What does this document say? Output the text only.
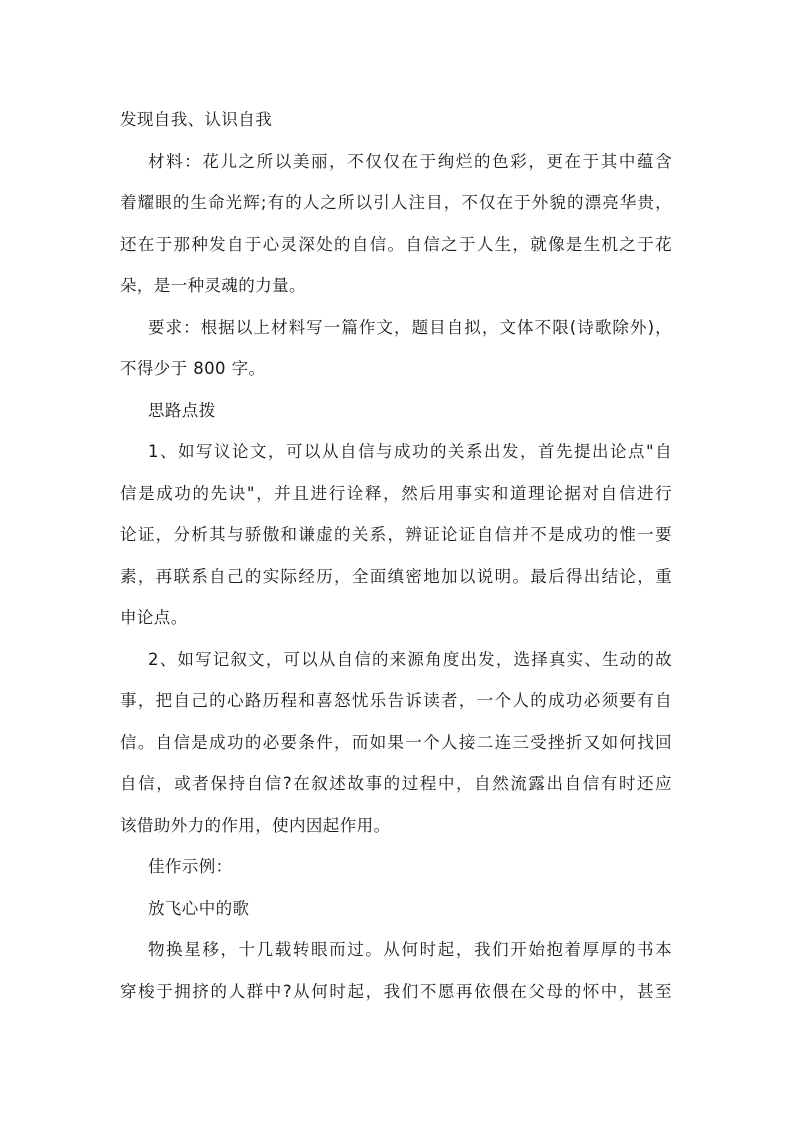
发现自我、认识自我
材料：花儿之所以美丽，不仅仅在于绚烂的色彩，更在于其中蕴含
着耀眼的生命光辉;有的人之所以引人注目，不仅在于外貌的漂亮华贵，
还在于那种发自于心灵深处的自信。自信之于人生，就像是生机之于花
朵，是一种灵魂的力量。
要求：根据以上材料写一篇作文，题目自拟，文体不限(诗歌除外)，
不得少于 800 字。
思路点拨
1、如写议论文，可以从自信与成功的关系出发，首先提出论点"自
信是成功的先诀"，并且进行诠释，然后用事实和道理论据对自信进行
论证，分析其与骄傲和谦虚的关系，辨证论证自信并不是成功的惟一要
素，再联系自己的实际经历，全面缜密地加以说明。最后得出结论，重
申论点。
2、如写记叙文，可以从自信的来源角度出发，选择真实、生动的故
事，把自己的心路历程和喜怒忧乐告诉读者，一个人的成功必须要有自
信。自信是成功的必要条件，而如果一个人接二连三受挫折又如何找回
自信，或者保持自信?在叙述故事的过程中，自然流露出自信有时还应
该借助外力的作用，使内因起作用。
佳作示例：
放飞心中的歌
物换星移，十几载转眼而过。从何时起，我们开始抱着厚厚的书本
穿梭于拥挤的人群中?从何时起，我们不愿再依偎在父母的怀中，甚至
